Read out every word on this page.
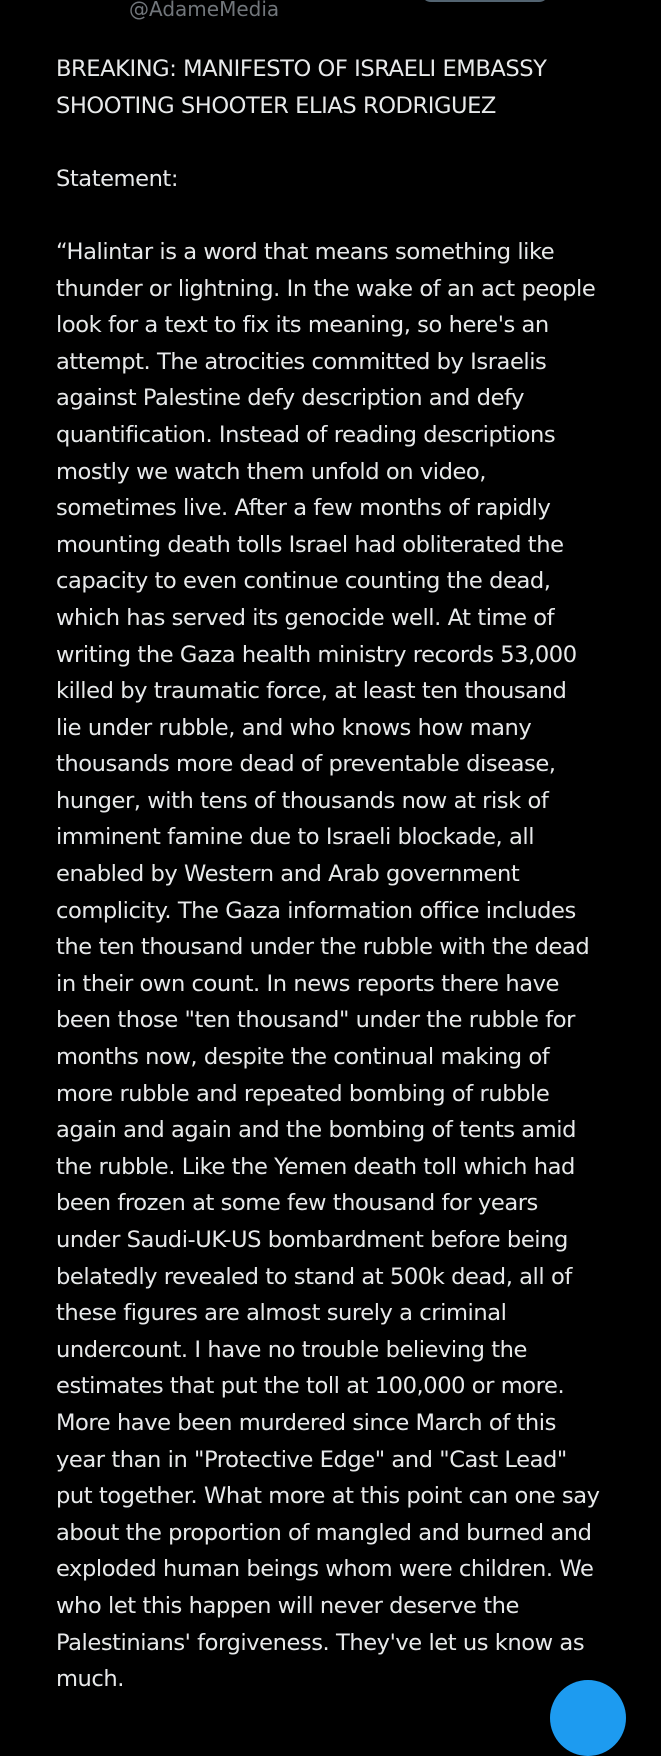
@AdameMedia
BREAKING: MANIFESTO OF ISRAELI EMBASSY
SHOOTING SHOOTER ELIAS RODRIGUEZ

Statement:

“Halintar is a word that means something like
thunder or lightning. In the wake of an act people
look for a text to fix its meaning, so here's an
attempt. The atrocities committed by Israelis
against Palestine defy description and defy
quantification. Instead of reading descriptions
mostly we watch them unfold on video,
sometimes live. After a few months of rapidly
mounting death tolls Israel had obliterated the
capacity to even continue counting the dead,
which has served its genocide well. At time of
writing the Gaza health ministry records 53,000
killed by traumatic force, at least ten thousand
lie under rubble, and who knows how many
thousands more dead of preventable disease,
hunger, with tens of thousands now at risk of
imminent famine due to Israeli blockade, all
enabled by Western and Arab government
complicity. The Gaza information office includes
the ten thousand under the rubble with the dead
in their own count. In news reports there have
been those "ten thousand" under the rubble for
months now, despite the continual making of
more rubble and repeated bombing of rubble
again and again and the bombing of tents amid
the rubble. Like the Yemen death toll which had
been frozen at some few thousand for years
under Saudi-UK-US bombardment before being
belatedly revealed to stand at 500k dead, all of
these figures are almost surely a criminal
undercount. I have no trouble believing the
estimates that put the toll at 100,000 or more.
More have been murdered since March of this
year than in "Protective Edge" and "Cast Lead"
put together. What more at this point can one say
about the proportion of mangled and burned and
exploded human beings whom were children. We
who let this happen will never deserve the
Palestinians' forgiveness. They've let us know as
much.
